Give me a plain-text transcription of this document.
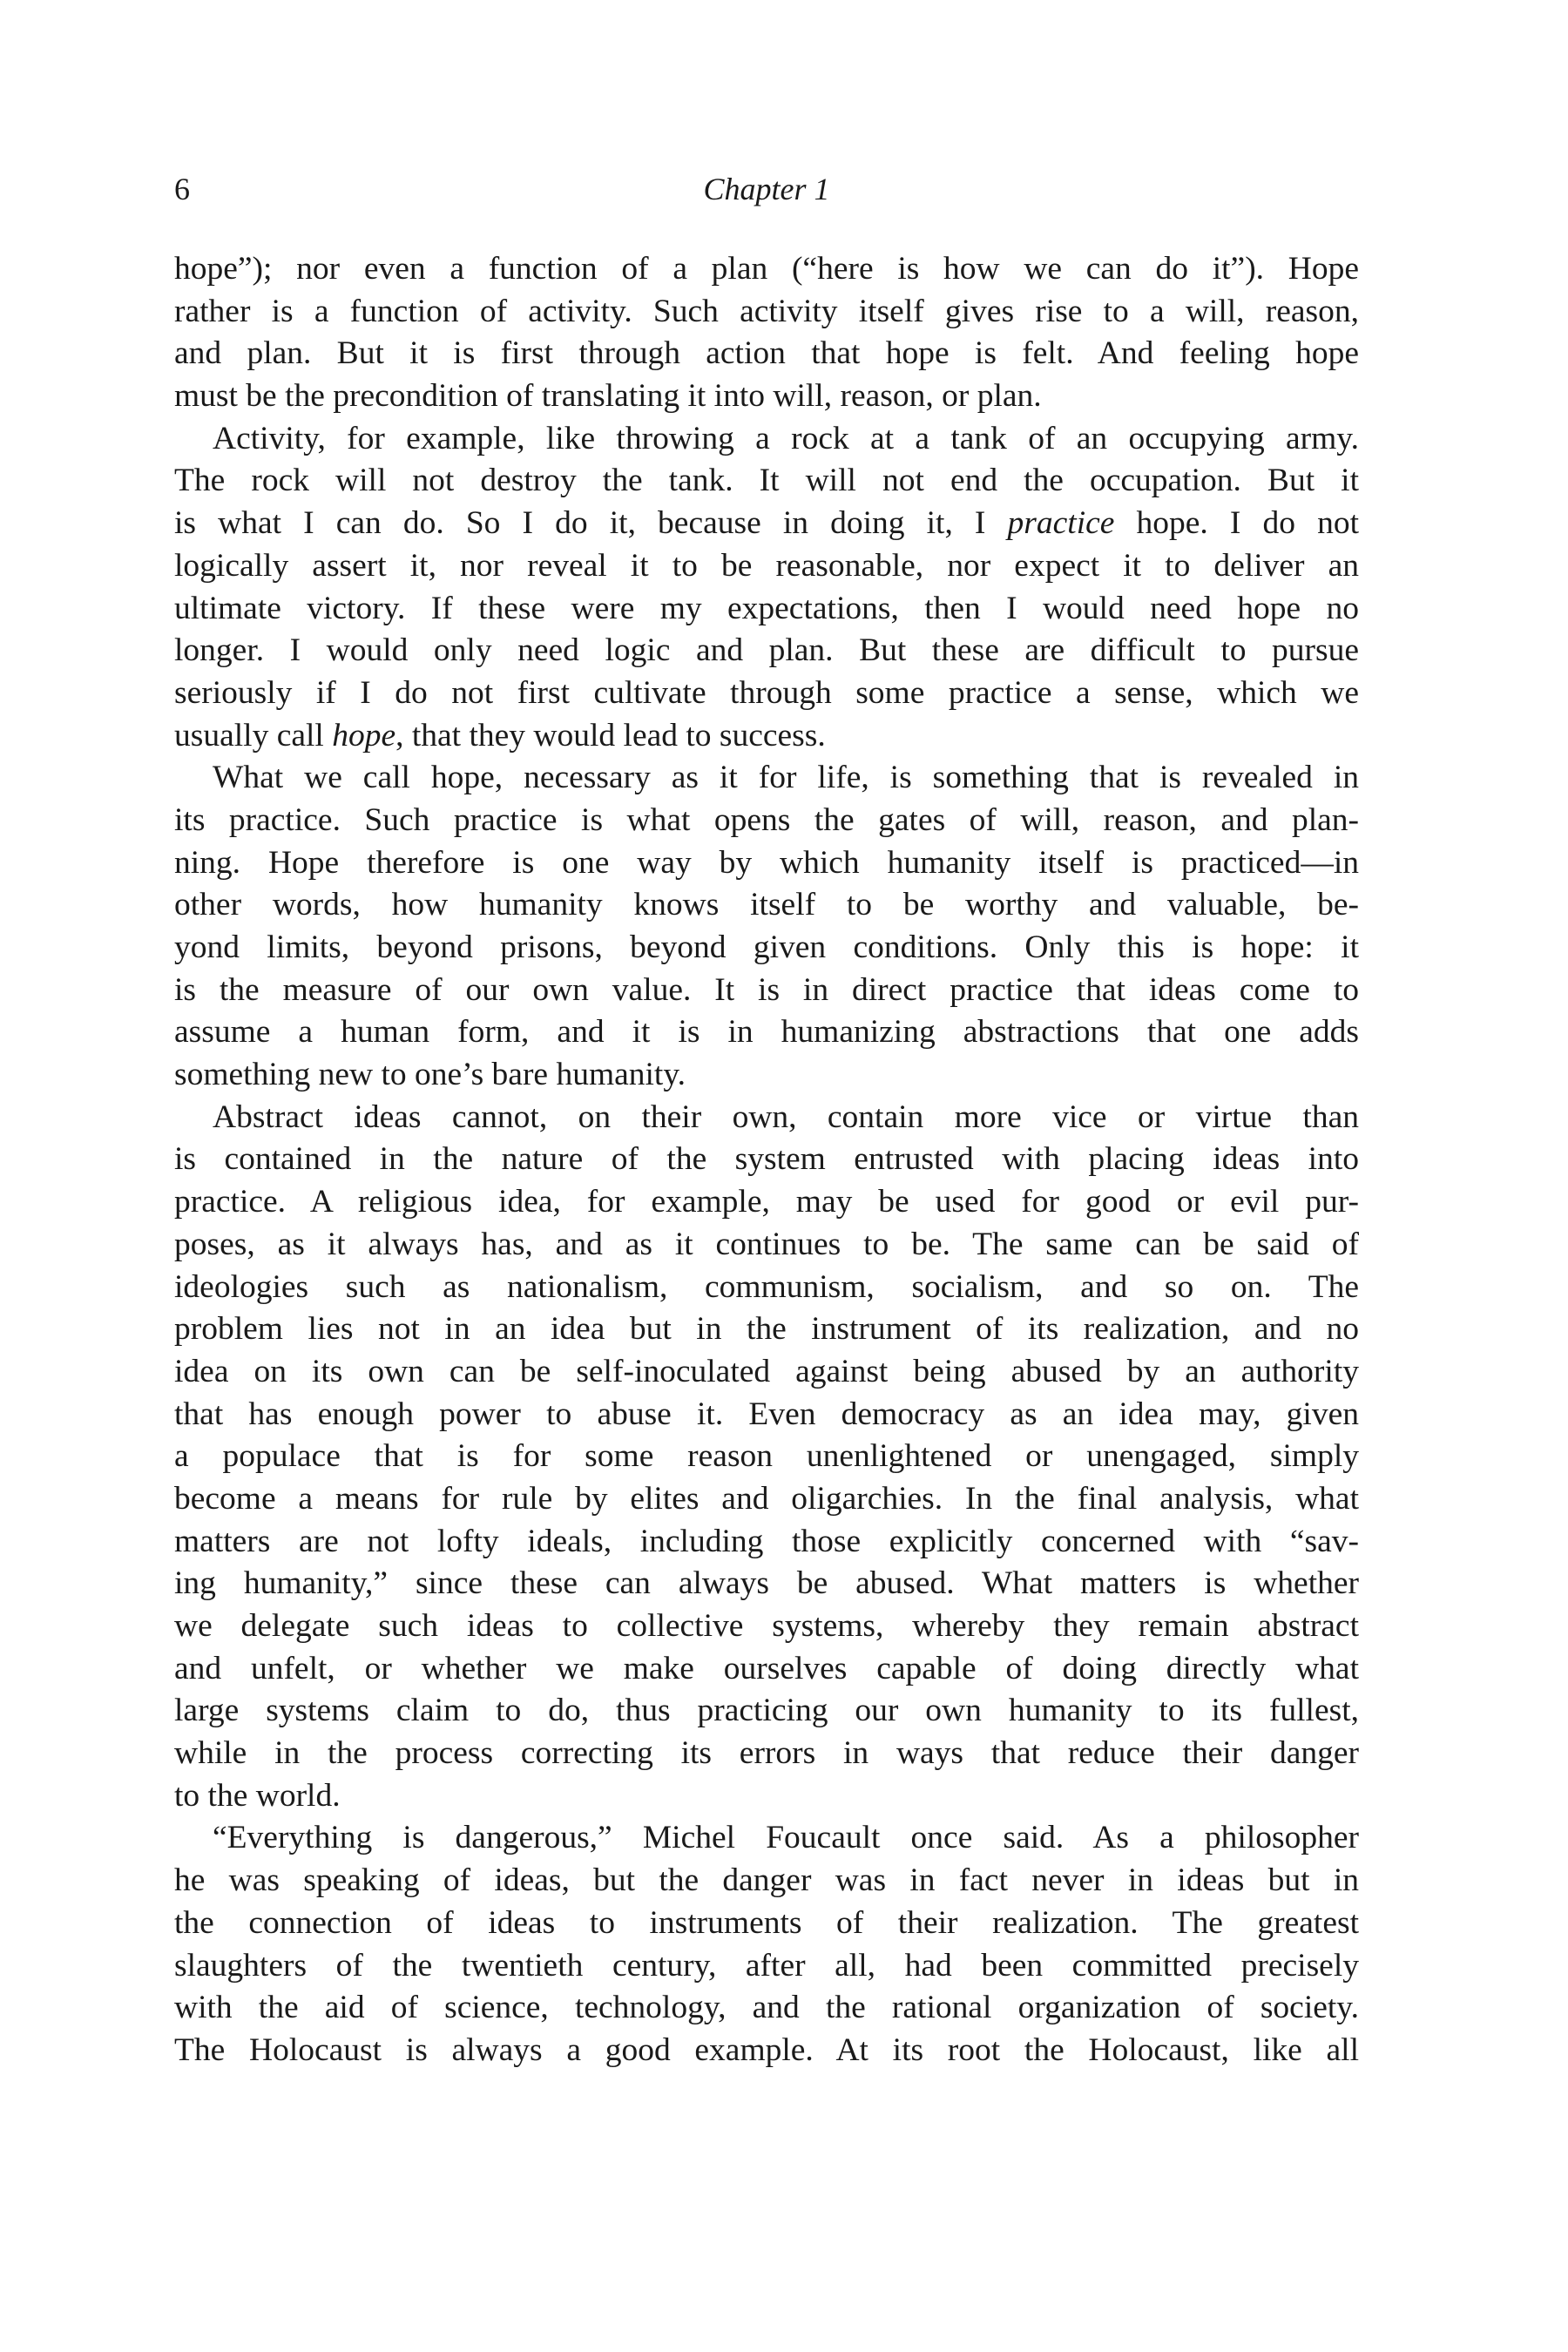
6	Chapter 1
hope”); nor even a function of a plan (“here is how we can do it”). Hope
rather is a function of activity. Such activity itself gives rise to a will, reason,
and plan. But it is first through action that hope is felt. And feeling hope
must be the precondition of translating it into will, reason, or plan.
Activity, for example, like throwing a rock at a tank of an occupying army.
The rock will not destroy the tank. It will not end the occupation. But it
is what I can do. So I do it, because in doing it, I practice hope. I do not
logically assert it, nor reveal it to be reasonable, nor expect it to deliver an
ultimate victory. If these were my expectations, then I would need hope no
longer. I would only need logic and plan. But these are difficult to pursue
seriously if I do not first cultivate through some practice a sense, which we
usually call hope, that they would lead to success.
What we call hope, necessary as it for life, is something that is revealed in
its practice. Such practice is what opens the gates of will, reason, and plan-
ning. Hope therefore is one way by which humanity itself is practiced—in
other words, how humanity knows itself to be worthy and valuable, be-
yond limits, beyond prisons, beyond given conditions. Only this is hope: it
is the measure of our own value. It is in direct practice that ideas come to
assume a human form, and it is in humanizing abstractions that one adds
something new to one’s bare humanity.
Abstract ideas cannot, on their own, contain more vice or virtue than
is contained in the nature of the system entrusted with placing ideas into
practice. A religious idea, for example, may be used for good or evil pur-
poses, as it always has, and as it continues to be. The same can be said of
ideologies such as nationalism, communism, socialism, and so on. The
problem lies not in an idea but in the instrument of its realization, and no
idea on its own can be self-inoculated against being abused by an authority
that has enough power to abuse it. Even democracy as an idea may, given
a populace that is for some reason unenlightened or unengaged, simply
become a means for rule by elites and oligarchies. In the final analysis, what
matters are not lofty ideals, including those explicitly concerned with “sav-
ing humanity,” since these can always be abused. What matters is whether
we delegate such ideas to collective systems, whereby they remain abstract
and unfelt, or whether we make ourselves capable of doing directly what
large systems claim to do, thus practicing our own humanity to its fullest,
while in the process correcting its errors in ways that reduce their danger
to the world.
“Everything is dangerous,” Michel Foucault once said. As a philosopher
he was speaking of ideas, but the danger was in fact never in ideas but in
the connection of ideas to instruments of their realization. The greatest
slaughters of the twentieth century, after all, had been committed precisely
with the aid of science, technology, and the rational organization of society.
The Holocaust is always a good example. At its root the Holocaust, like all
